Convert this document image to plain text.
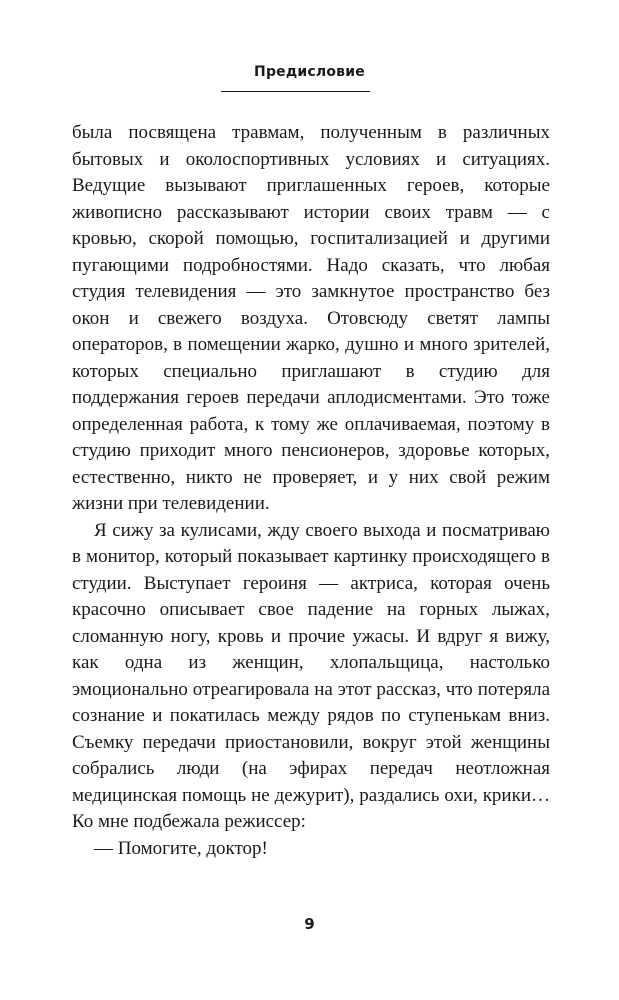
Предисловие

была посвящена травмам, полученным в различных бытовых и околоспортивных условиях и ситуациях. Ведущие вызывают приглашенных героев, которые живописно рассказывают истории своих травм — с кровью, скорой помощью, госпитализацией и другими пугающими подробностями. Надо сказать, что любая студия телевидения — это замкнутое пространство без окон и свежего воздуха. Отовсюду светят лампы операторов, в помещении жарко, душно и много зрителей, которых специально приглашают в студию для поддержания героев передачи аплодисментами. Это тоже определенная работа, к тому же оплачиваемая, поэтому в студию приходит много пенсионеров, здоровье которых, естественно, никто не проверяет, и у них свой режим жизни при телевидении.

Я сижу за кулисами, жду своего выхода и посматриваю в монитор, который показывает картинку происходящего в студии. Выступает героиня — актриса, которая очень красочно описывает свое падение на горных лыжах, сломанную ногу, кровь и прочие ужасы. И вдруг я вижу, как одна из женщин, хлопальщица, настолько эмоционально отреагировала на этот рассказ, что потеряла сознание и покатилась между рядов по ступенькам вниз. Съемку передачи приостановили, вокруг этой женщины собрались люди (на эфирах передач неотложная медицинская помощь не дежурит), раздались охи, крики… Ко мне подбежала режиссер:

— Помогите, доктор!

9
